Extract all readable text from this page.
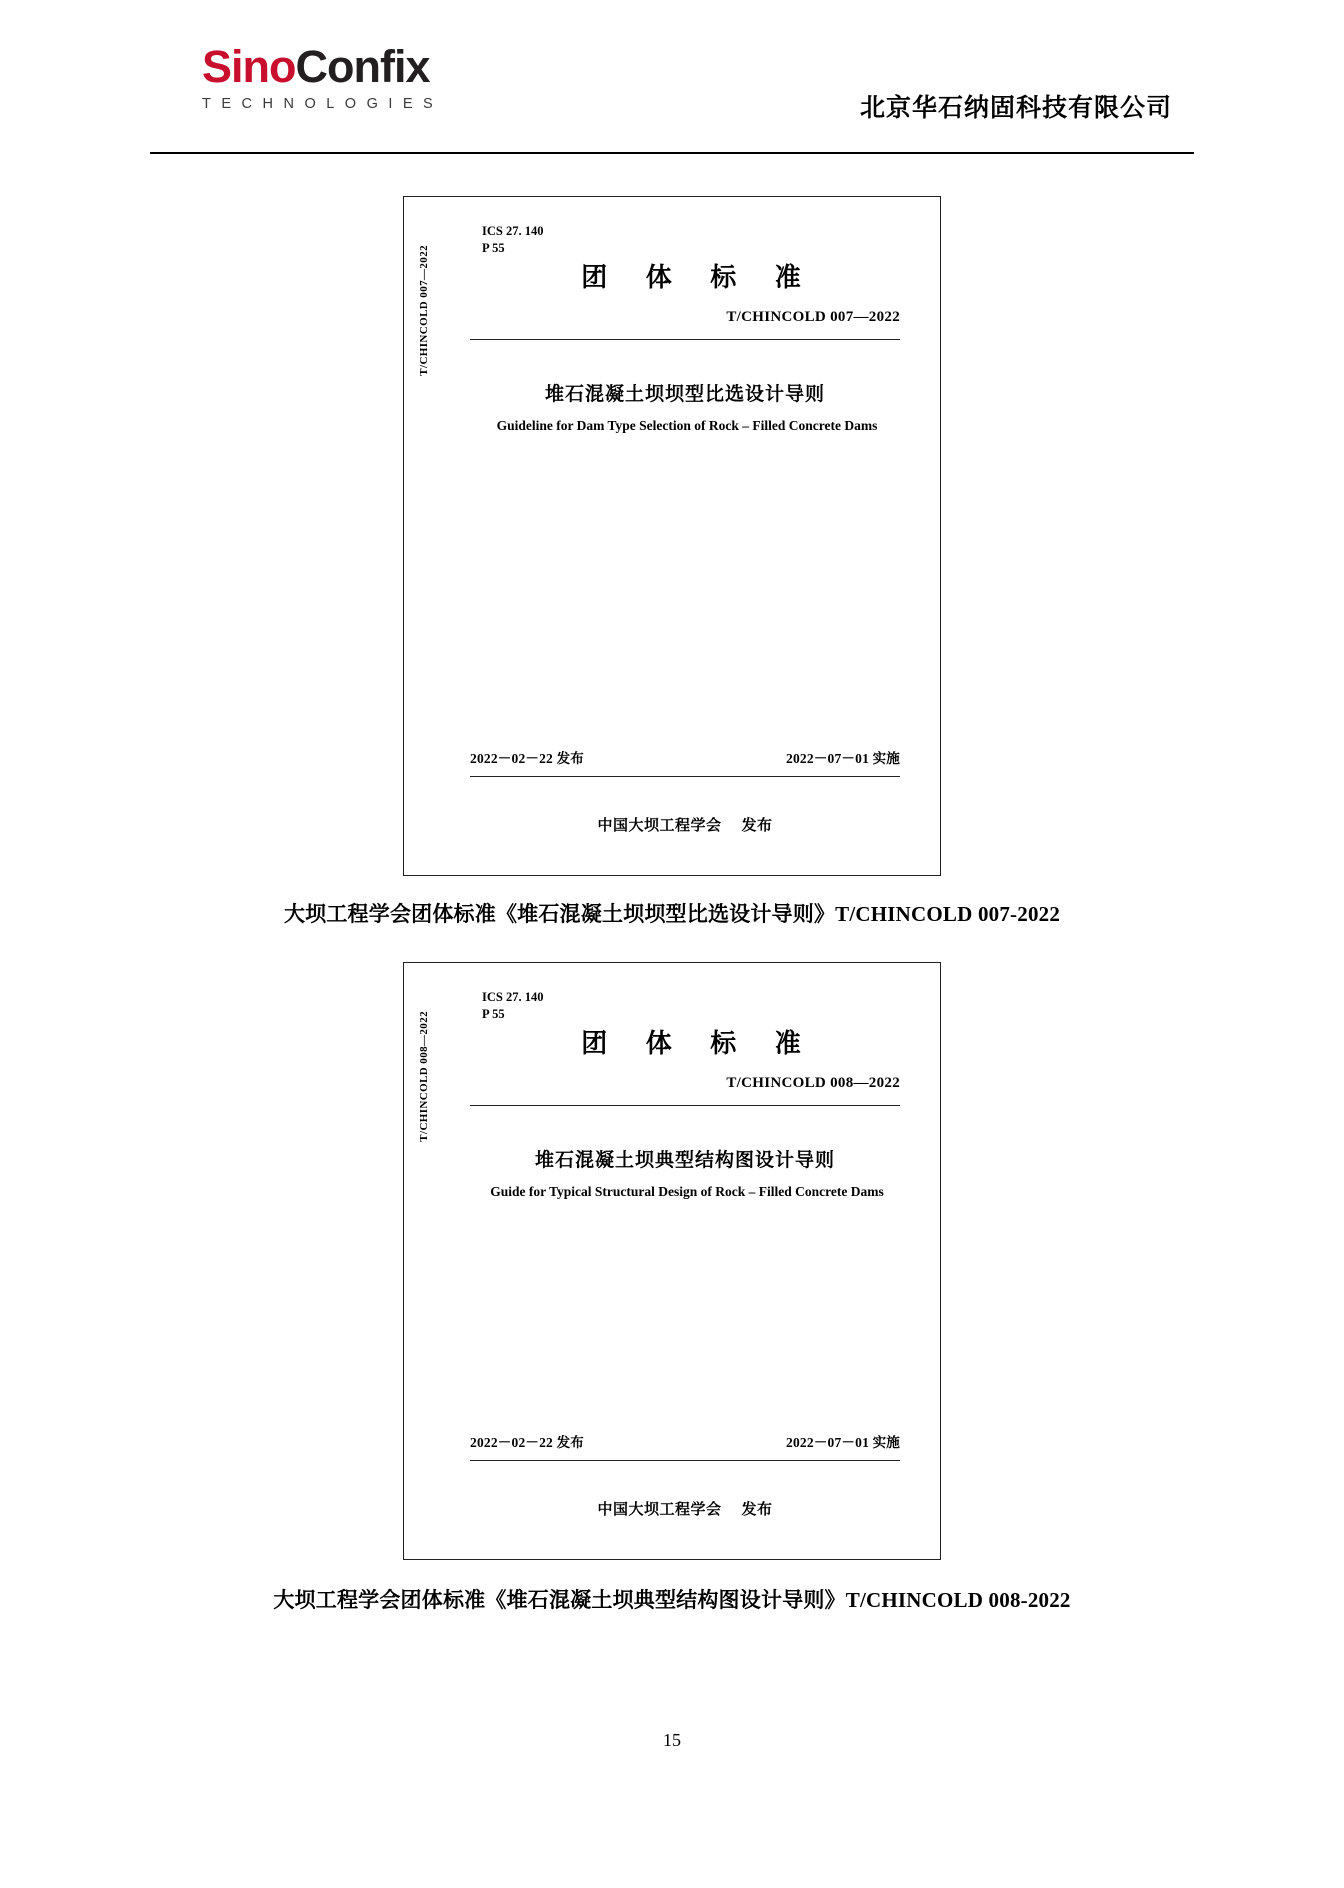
SinoConfix
TECHNOLOGIES	北京华石纳固科技有限公司
T/CHINCOLD 007—2022
ICS 27. 140
P 55
团 体 标 准
T/CHINCOLD 007—2022
堆石混凝土坝坝型比选设计导则
Guideline for Dam Type Selection of Rock – Filled Concrete Dams
2022－02－22 发布	2022－07－01 实施
中国大坝工程学会 发布
大坝工程学会团体标准《堆石混凝土坝坝型比选设计导则》T/CHINCOLD 007-2022
T/CHINCOLD 008—2022
ICS 27. 140
P 55
团 体 标 准
T/CHINCOLD 008—2022
堆石混凝土坝典型结构图设计导则
Guide for Typical Structural Design of Rock – Filled Concrete Dams
2022－02－22 发布	2022－07－01 实施
中国大坝工程学会 发布
大坝工程学会团体标准《堆石混凝土坝典型结构图设计导则》T/CHINCOLD 008-2022
15
